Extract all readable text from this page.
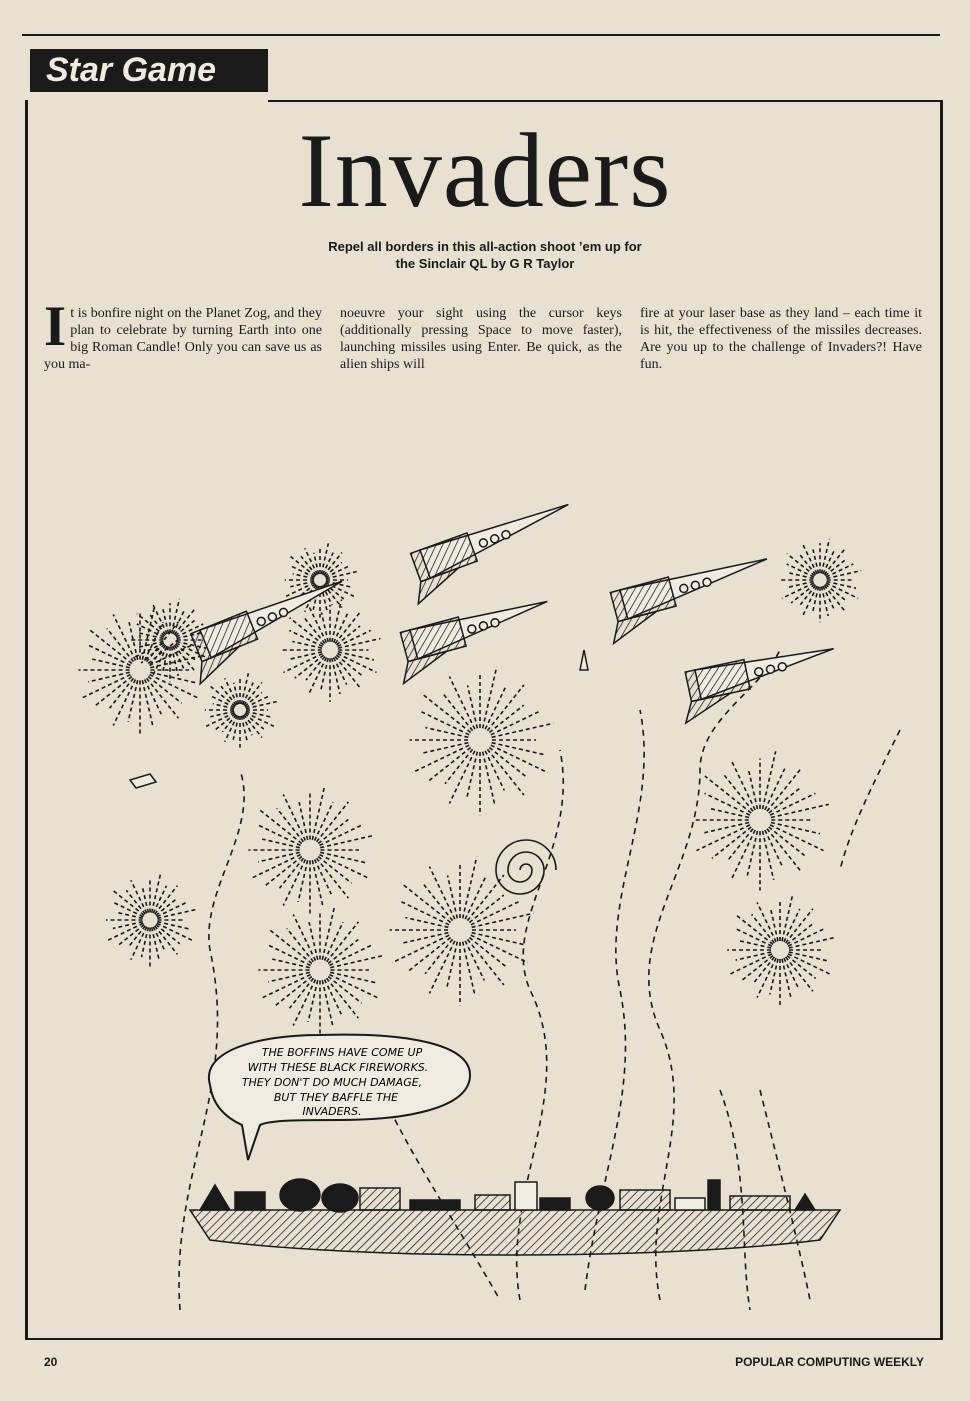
Star Game
Invaders
Repel all borders in this all-action shoot ’em up for
the Sinclair QL by G R Taylor
It is bonfire night on the Planet Zog, and they plan to celebrate by turning Earth into one big Roman Candle! Only you can save us as you ma-
noeuvre your sight using the cursor keys (additionally pressing Space to move faster), launching missiles using Enter. Be quick, as the alien ships will
fire at your laser base as they land – each time it is hit, the effectiveness of the missiles decreases. Are you up to the challenge of Invaders?! Have fun.
THE BOFFINS HAVE COME UP
WITH THESE BLACK FIREWORKS.
THEY DON'T DO MUCH DAMAGE,
BUT THEY BAFFLE THE
INVADERS.
20	POPULAR COMPUTING WEEKLY
